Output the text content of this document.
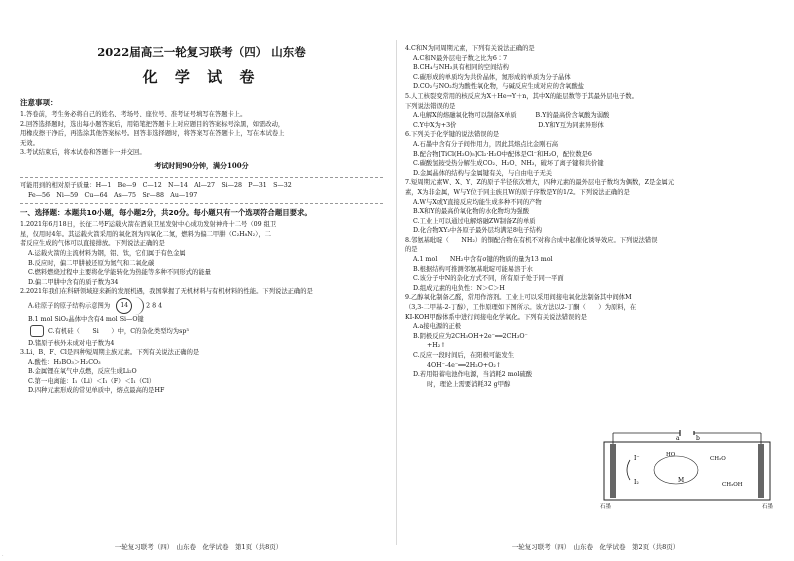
2022届高三一轮复习联考（四） 山东卷

化 学 试 卷

注意事项：

1.答卷前，考生务必将自己的姓名、考场号、座位号、准考证号填写在答题卡上。

2.回答选择题时，选出每小题答案后，用铅笔把答题卡上对应题目的答案标号涂黑，如需改动，

用橡皮擦干净后，再选涂其他答案标号。回答非选择题时，将答案写在答题卡上，写在本试卷上

无效。

3.考试结束后，将本试卷和答题卡一并交回。

考试时间90分钟，满分100分

可能用到的相对原子质量：H—1　Be—9　C—12　N—14　Al—27　Si—28　P—31　S—32

Fe—56　Ni—59　Cu—64　As—75　Sr—88　Au—197

一、选择题：本题共10小题，每小题2分，共20分。每小题只有一个选项符合题目要求。

1.2021年6月18日，长征二号F运载火箭在酒泉卫星发射中心成功发射神舟十二号（09 组卫

星，仅用时4年。其运载火箭采用的氧化剂为四氧化二氮，燃料为偏二甲肼（C₂H₈N₂），二

者反应生成的气体可以直接排放。下列说法正确的是

A.运载火箭的主流材料为钢，铝、钛，它们属于有色金属

B.反应时，偏二甲肼被还原为氮气和二氧化碳

C.燃料燃烧过程中主要将化学能转化为热能等多种不同形式的能量

D.偏二甲肼中含有的质子数为34

2.2021年我们在科研领域迎来新的发展机遇，我国掌握了无机材料与有机材料的性能。下列说法正确的是

A.硅原子的原子结构示意图为 14	2 8 4

B.1 mol SiO₂晶体中含有4 mol Si—O键

C.有机硅（　　Si　　）中，C的杂化类型均为sp³

D.锗原子核外未成对电子数为4

3.Li、B、F、Cl是四种短周期主族元素。下列有关说法正确的是

A.酸性：H₃BO₃＞H₂CO₃

B.金属锂在氧气中点燃，反应生成Li₂O

C.第一电离能：I₁（Li）＜I₁（F）＜I₁（Cl）

D.四种元素形成的常见单质中，熔点最高的是HF

一轮复习联考（四）　山东卷　化学试卷　第1页（共8页）

4.C和N为同周期元素，下列有关说法正确的是

A.C和N最外层电子数之比为6∶7

B.CH₄与NH₃具有相同的空间结构

C.碳形成的单质均为共价晶体，氮形成的单质为分子晶体

D.CO₂与NO₂均为酸性氧化物，与碱反应生成对应的含氧酸盐

5.人工核裂变常用的核反应为X＋He→Y＋n，其中X的能层数等于其最外层电子数。

下列说法错误的是

A.电解X的熔融氧化物可以制备X单质　　　B.Y的最高价含氧酸为弱酸

C.Y中X为+3价　　　　　　　　　　　　　D.Y和Y互为同素异形体

6.下列关于化学键的说法错误的是

A.石墨中含有分子间作用力，因此其熔点比金刚石高

B.配合物[TiCl(H₂O)₅]Cl₂·H₂O中配体是Cl⁻和H₂O，配位数是6

C.碳酸氢铵受热分解生成CO₂、H₂O、NH₃，破坏了离子键和共价键

D.金属晶体的结构与金属键有关，与自由电子无关

7.短周期元素W、X、Y、Z的原子半径依次增大，四种元素的最外层电子数均为偶数，Z是金属元

素，X为非金属，W与Y位于同主族且W的原子序数是Y的1/2。下列说法正确的是

A.W与X或Y直接反应均能生成多种不同的产物

B.X和Y的最高价氧化物的水化物均为强酸

C.工业上可以通过电解熔融ZW制备Z的单质

D.化合物XY₂中各原子最外层均满足8电子结构

8.邻氨基吡啶（　　NH₂）的铜配合物在有机不对称合成中起催化诱导效应。下列说法错误

的是

A.1 mol　　NH₂中含有σ键的物质的量为13 mol

B.根据结构可推测邻氨基吡啶可能易溶于水

C.该分子中N的杂化方式不同，所有原子处于同一平面

D.组成元素的电负性：N＞C＞H

9.乙醇氧化制备乙醛，常用作溶剂。工业上可以采用间接电氧化法制备其中间体M

（3,3-二甲基-2-丁醇），工作原理如下图所示。该方法以2-丁酮（　　）为原料，在

KI-KOH甲醇体系中进行间接电化学氧化。下列有关说法错误的是

A.a接电源的正极

B.阴极反应为2CH₃OH+2e⁻══2CH₃O⁻

+H₂↑

C.反应一段时间后，在阳极可能发生

4OH⁻-4e⁻══2H₂O+O₂↑

D.若用铅蓄电池作电源，当消耗2 mol硫酸

时，理论上需要消耗32 g甲醇

一轮复习联考（四）　山东卷　化学试卷　第2页（共8页）
a	b
I⁻
I₂
HO
M
CH₂O
CH₃OH
石墨	石墨
·
